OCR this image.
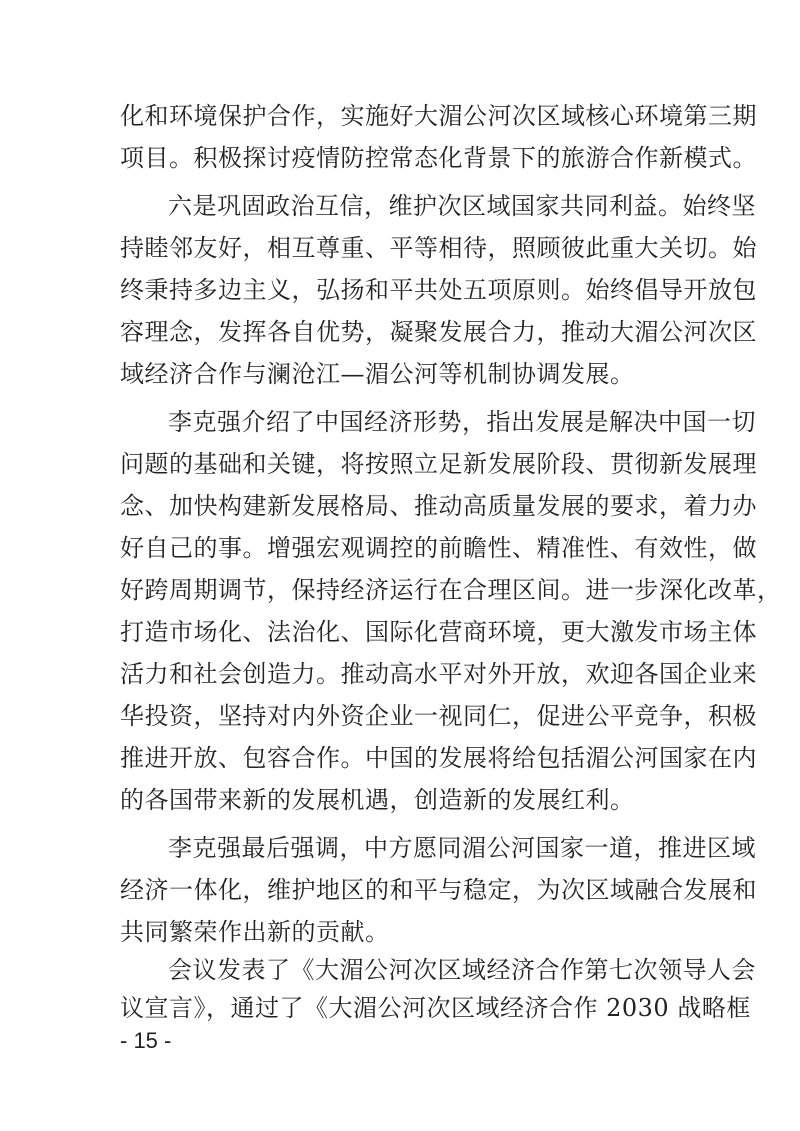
化和环境保护合作，实施好大湄公河次区域核心环境第三期
项目。积极探讨疫情防控常态化背景下的旅游合作新模式。
六是巩固政治互信，维护次区域国家共同利益。始终坚
持睦邻友好，相互尊重、平等相待，照顾彼此重大关切。始
终秉持多边主义，弘扬和平共处五项原则。始终倡导开放包
容理念，发挥各自优势，凝聚发展合力，推动大湄公河次区
域经济合作与澜沧江—湄公河等机制协调发展。
李克强介绍了中国经济形势，指出发展是解决中国一切
问题的基础和关键，将按照立足新发展阶段、贯彻新发展理
念、加快构建新发展格局、推动高质量发展的要求，着力办
好自己的事。增强宏观调控的前瞻性、精准性、有效性，做
好跨周期调节，保持经济运行在合理区间。进一步深化改革，
打造市场化、法治化、国际化营商环境，更大激发市场主体
活力和社会创造力。推动高水平对外开放，欢迎各国企业来
华投资，坚持对内外资企业一视同仁，促进公平竞争，积极
推进开放、包容合作。中国的发展将给包括湄公河国家在内
的各国带来新的发展机遇，创造新的发展红利。
李克强最后强调，中方愿同湄公河国家一道，推进区域
经济一体化，维护地区的和平与稳定，为次区域融合发展和
共同繁荣作出新的贡献。
会议发表了《大湄公河次区域经济合作第七次领导人会
议宣言》，通过了《大湄公河次区域经济合作 2030 战略框
- 15 -
